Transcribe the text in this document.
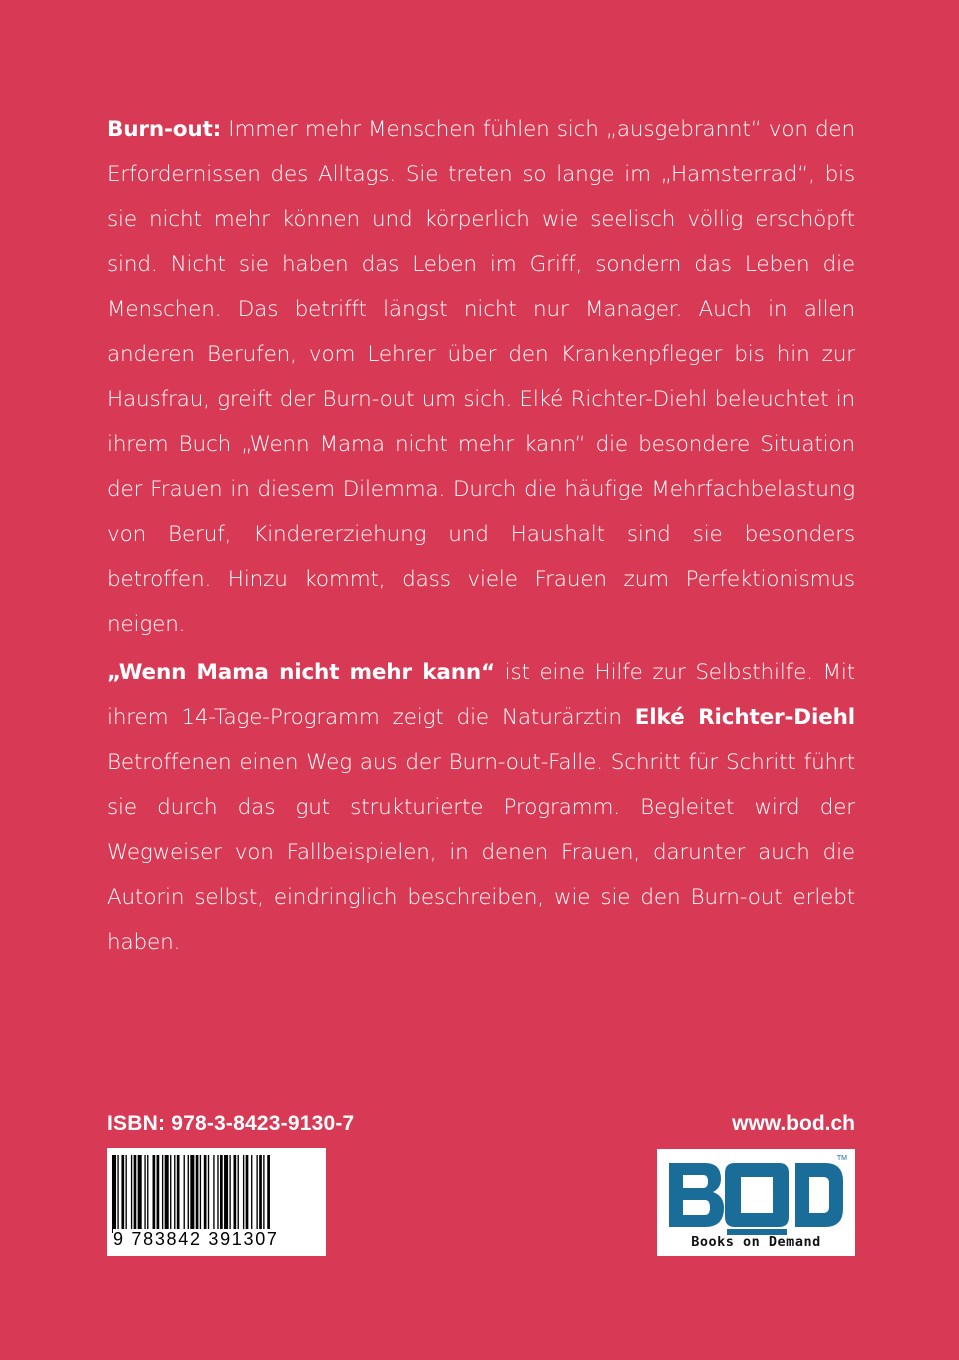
Burn-out: Immer mehr Menschen fühlen sich „ausgebrannt“ von den Erfordernissen des Alltags. Sie treten so lange im „Hamsterrad“, bis sie nicht mehr können und körperlich wie seelisch völlig erschöpft sind. Nicht sie haben das Leben im Griff, sondern das Leben die Menschen. Das betrifft längst nicht nur Manager. Auch in allen anderen Berufen, vom Lehrer über den Krankenpfleger bis hin zur Hausfrau, greift der Burn-out um sich. Elké Richter-Diehl beleuchtet in ihrem Buch „Wenn Mama nicht mehr kann“ die besondere Situation der Frauen in diesem Dilemma. Durch die häufige Mehrfachbelastung von Beruf, Kindererziehung und Haushalt sind sie besonders betroffen. Hinzu kommt, dass viele Frauen zum Perfektionismus neigen.

„Wenn Mama nicht mehr kann“ ist eine Hilfe zur Selbsthilfe. Mit ihrem 14-Tage-Programm zeigt die Naturärztin Elké Richter-Diehl Betroffenen einen Weg aus der Burn-out-Falle. Schritt für Schritt führt sie durch das gut strukturierte Programm. Begleitet wird der Wegweiser von Fallbeispielen, in denen Frauen, darunter auch die Autorin selbst, eindringlich beschreiben, wie sie den Burn-out erlebt haben.

ISBN: 978-3-8423-9130-7	www.bod.ch

9 783842 391307
TM
Books on Demand
